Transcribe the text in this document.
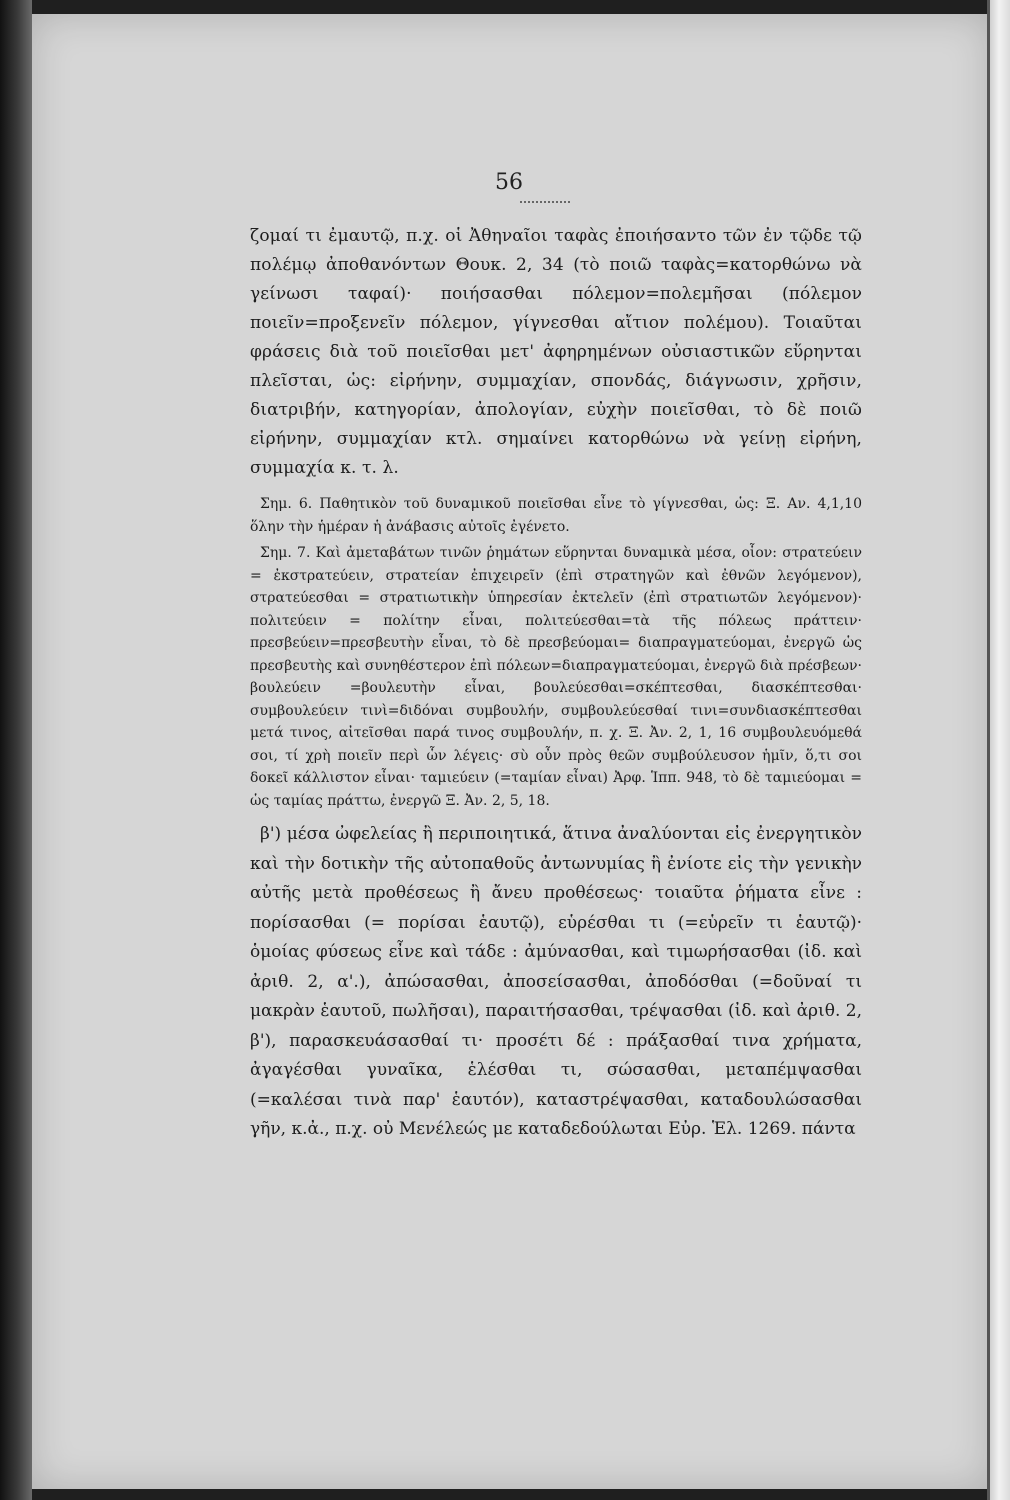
56

ζομαί τι ἐμαυτῷ, π.χ. οἱ Ἀθηναῖοι ταφὰς ἐποιήσαντο τῶν ἐν τῷδε τῷ πολέμῳ ἀποθανόντων Θουκ. 2, 34 (τὸ ποιῶ ταφὰς=κατορθώνω νὰ γείνωσι ταφαί)· ποιήσασθαι πόλεμον=πολεμῆσαι (πόλεμον ποιεῖν=προξενεῖν πόλεμον, γίγνεσθαι αἴτιον πολέμου). Τοιαῦται φράσεις διὰ τοῦ ποιεῖσθαι μετ' ἀφηρημένων οὐσιαστικῶν εὕρηνται πλεῖσται, ὡς: εἰρήνην, συμμαχίαν, σπονδάς, διάγνωσιν, χρῆσιν, διατριβήν, κατηγορίαν, ἀπολογίαν, εὐχὴν ποιεῖσθαι, τὸ δὲ ποιῶ εἰρήνην, συμμαχίαν κτλ. σημαίνει κατορθώνω νὰ γείνῃ εἰρήνη, συμμαχία κ. τ. λ.

Σημ. 6. Παθητικὸν τοῦ δυναμικοῦ ποιεῖσθαι εἶνε τὸ γίγνεσθαι, ὡς: Ξ. Αν. 4,1,10 ὅλην τὴν ἡμέραν ἡ ἀνάβασις αὐτοῖς ἐγένετο.

Σημ. 7. Καὶ ἀμεταβάτων τινῶν ῥημάτων εὕρηνται δυναμικὰ μέσα, οἷον: στρατεύειν = ἐκστρατεύειν, στρατείαν ἐπιχειρεῖν (ἐπὶ στρατηγῶν καὶ ἐθνῶν λεγόμενον), στρατεύεσθαι = στρατιωτικὴν ὑπηρεσίαν ἐκτελεῖν (ἐπὶ στρατιωτῶν λεγόμενον)· πολιτεύειν = πολίτην εἶναι, πολιτεύεσθαι=τὰ τῆς πόλεως πράττειν· πρεσβεύειν=πρεσβευτὴν εἶναι, τὸ δὲ πρεσβεύομαι= διαπραγματεύομαι, ἐνεργῶ ὡς πρεσβευτὴς καὶ συνηθέστερον ἐπὶ πόλεων=διαπραγματεύομαι, ἐνεργῶ διὰ πρέσβεων· βουλεύειν =βουλευτὴν εἶναι, βουλεύεσθαι=σκέπτεσθαι, διασκέπτεσθαι· συμβουλεύειν τινὶ=διδόναι συμβουλήν, συμβουλεύεσθαί τινι=συνδιασκέπτεσθαι μετά τινος, αἰτεῖσθαι παρά τινος συμβουλήν, π. χ. Ξ. Ἀν. 2, 1, 16 συμβουλευόμεθά σοι, τί χρὴ ποιεῖν περὶ ὧν λέγεις· σὺ οὖν πρὸς θεῶν συμβούλευσον ἡμῖν, ὅ,τι σοι δοκεῖ κάλλιστον εἶναι· ταμιεύειν (=ταμίαν εἶναι) Ἀρφ. Ἱππ. 948, τὸ δὲ ταμιεύομαι = ὡς ταμίας πράττω, ἐνεργῶ Ξ. Ἀν. 2, 5, 18.

β') μέσα ὠφελείας ἢ περιποιητικά, ἅτινα ἀναλύονται εἰς ἐνεργητικὸν καὶ τὴν δοτικὴν τῆς αὐτοπαθοῦς ἀντωνυμίας ἢ ἐνίοτε εἰς τὴν γενικὴν αὐτῆς μετὰ προθέσεως ἢ ἄνευ προθέσεως· τοιαῦτα ῥήματα εἶνε : πορίσασθαι (= πορίσαι ἑαυτῷ), εὑρέσθαι τι (=εὑρεῖν τι ἑαυτῷ)· ὁμοίας φύσεως εἶνε καὶ τάδε : ἀμύνασθαι, καὶ τιμωρήσασθαι (ἰδ. καὶ ἀριθ. 2, α'.), ἀπώσασθαι, ἀποσείσασθαι, ἀποδόσθαι (=δοῦναί τι μακρὰν ἑαυτοῦ, πωλῆσαι), παραιτήσασθαι, τρέψασθαι (ἰδ. καὶ ἀριθ. 2, β'), παρασκευάσασθαί τι· προσέτι δέ : πράξασθαί τινα χρήματα, ἀγαγέσθαι γυναῖκα, ἑλέσθαι τι, σώσασθαι, μεταπέμψασθαι (=καλέσαι τινὰ παρ' ἑαυτόν), καταστρέψασθαι, καταδουλώσασθαι γῆν, κ.ἀ., π.χ. οὐ Μενέλεώς με καταδεδούλωται Εὐρ. Ἑλ. 1269. πάντα
